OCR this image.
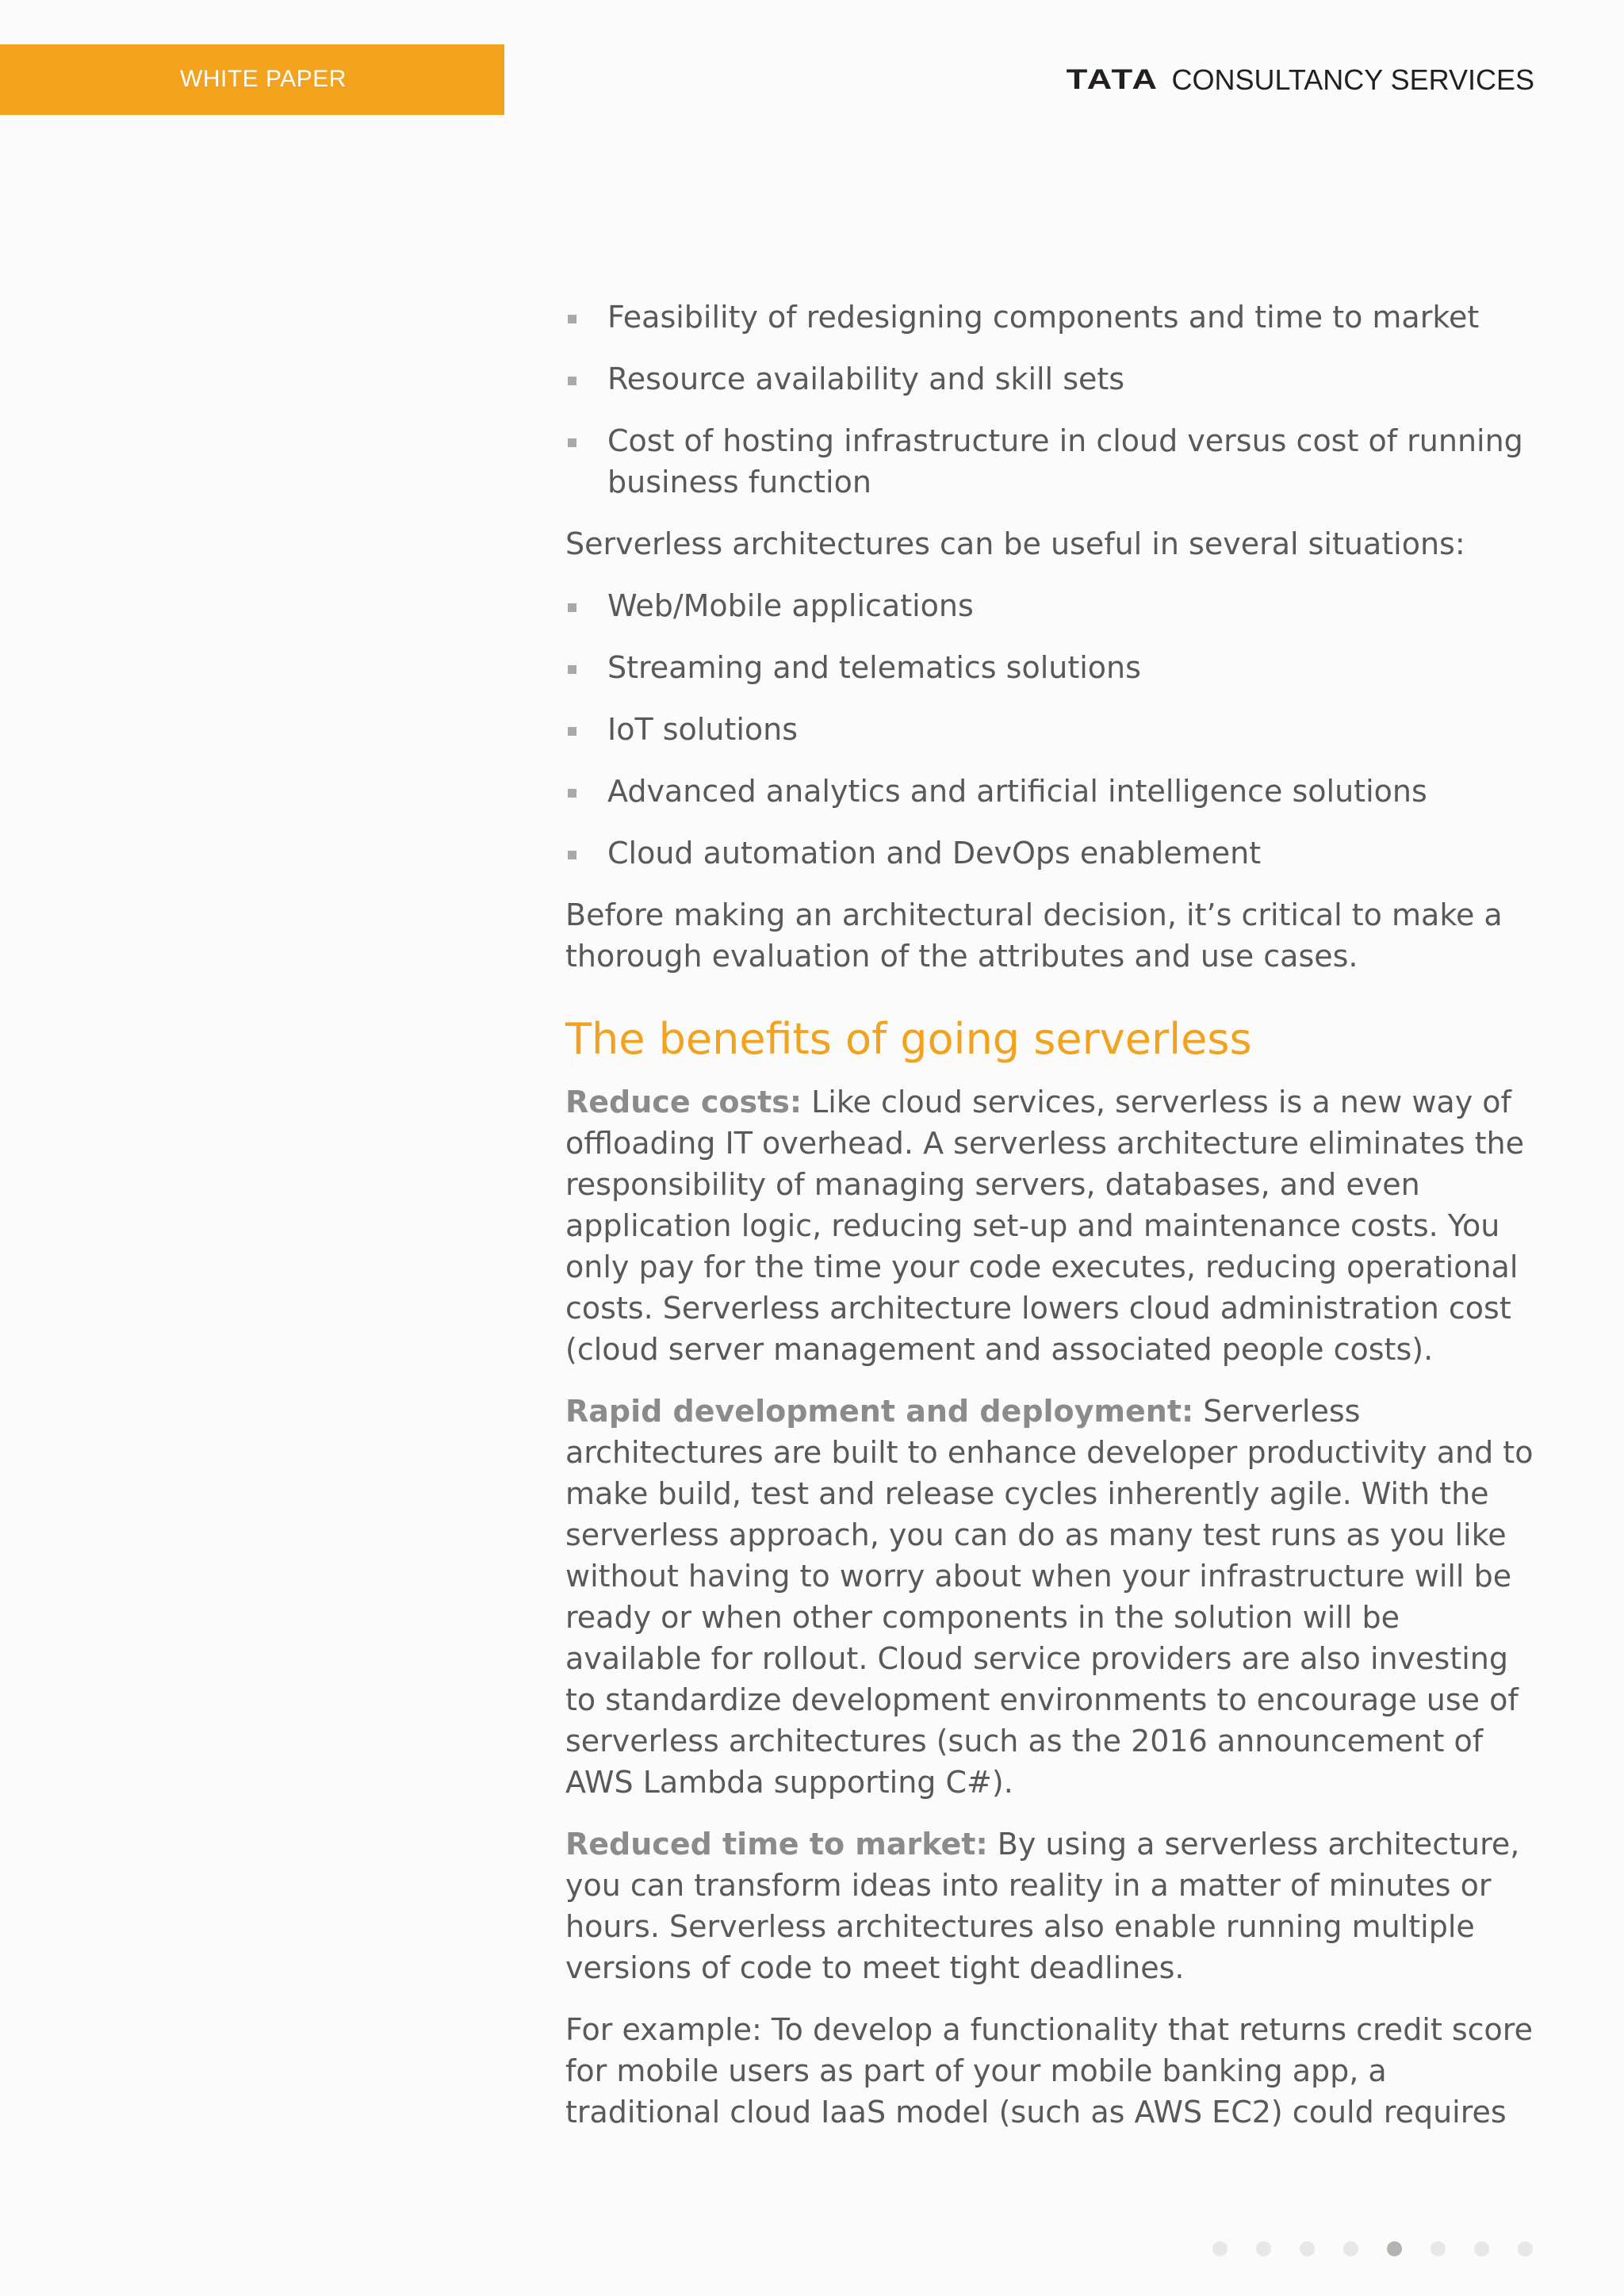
WHITE PAPER	TATA CONSULTANCY SERVICES
Feasibility of redesigning components and time to market
Resource availability and skill sets
Cost of hosting infrastructure in cloud versus cost of running business function

Serverless architectures can be useful in several situations:

Web/Mobile applications
Streaming and telematics solutions
IoT solutions
Advanced analytics and artificial intelligence solutions
Cloud automation and DevOps enablement

Before making an architectural decision, it’s critical to make a thorough evaluation of the attributes and use cases.

The benefits of going serverless

Reduce costs: Like cloud services, serverless is a new way of offloading IT overhead. A serverless architecture eliminates the responsibility of managing servers, databases, and even application logic, reducing set-up and maintenance costs. You only pay for the time your code executes, reducing operational costs. Serverless architecture lowers cloud administration cost (cloud server management and associated people costs).

Rapid development and deployment: Serverless architectures are built to enhance developer productivity and to make build, test and release cycles inherently agile. With the serverless approach, you can do as many test runs as you like without having to worry about when your infrastructure will be ready or when other components in the solution will be available for rollout. Cloud service providers are also investing to standardize development environments to encourage use of serverless architectures (such as the 2016 announcement of AWS Lambda supporting C#).

Reduced time to market: By using a serverless architecture, you can transform ideas into reality in a matter of minutes or hours. Serverless architectures also enable running multiple versions of code to meet tight deadlines.

For example: To develop a functionality that returns credit score for mobile users as part of your mobile banking app, a traditional cloud IaaS model (such as AWS EC2) could requires
